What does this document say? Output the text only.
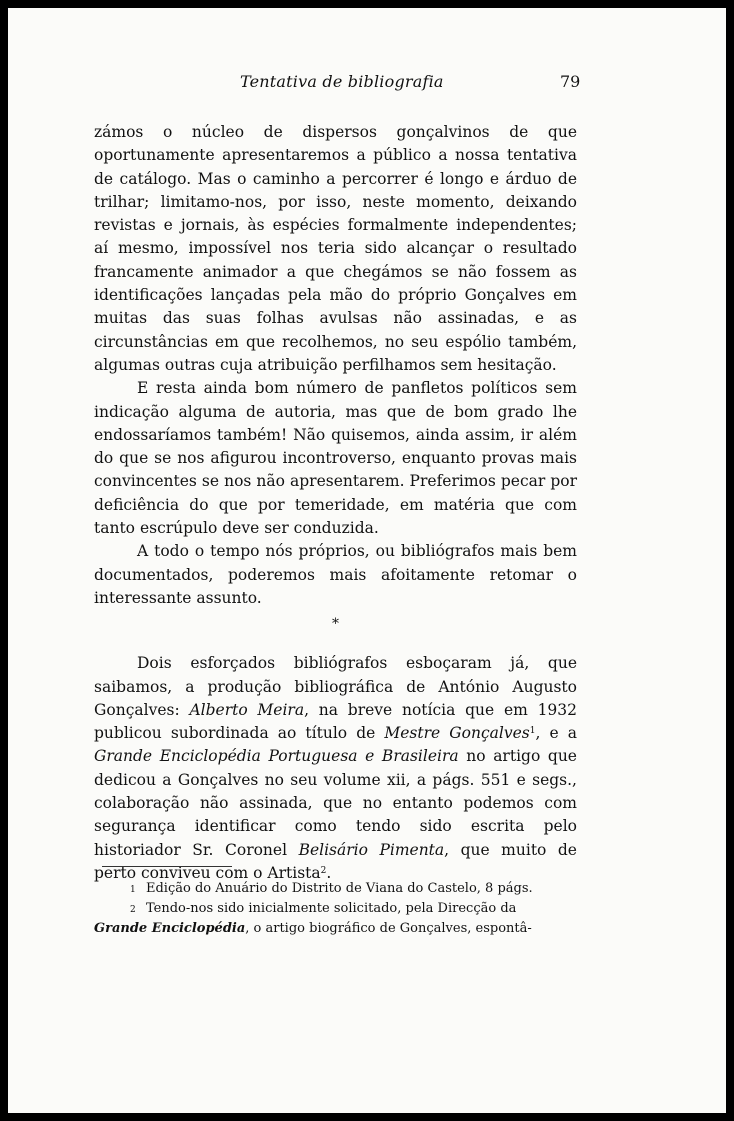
Tentativa de bibliografia	79

zámos o núcleo de dispersos gonçalvinos de que oportunamente apresentaremos a público a nossa tentativa de catálogo. Mas o caminho a percorrer é longo e árduo de trilhar; limitamo-nos, por isso, neste momento, deixando revistas e jornais, às espécies formalmente independentes; aí mesmo, impossível nos teria sido alcançar o resultado francamente animador a que chegámos se não fossem as identificações lançadas pela mão do próprio Gonçalves em muitas das suas folhas avulsas não assinadas, e as circunstâncias em que recolhemos, no seu espólio também, algumas outras cuja atribuição perfilhamos sem hesitação.

E resta ainda bom número de panfletos políticos sem indicação alguma de autoria, mas que de bom grado lhe endossaríamos também! Não quisemos, ainda assim, ir além do que se nos afigurou incontroverso, enquanto provas mais convincentes se nos não apresentarem. Preferimos pecar por deficiência do que por temeridade, em matéria que com tanto escrúpulo deve ser conduzida.

A todo o tempo nós próprios, ou bibliógrafos mais bem documentados, poderemos mais afoitamente retomar o interessante assunto.

*

Dois esforçados bibliógrafos esboçaram já, que saibamos, a produção bibliográfica de António Augusto Gonçalves: Alberto Meira, na breve notícia que em 1932 publicou subordinada ao título de Mestre Gonçalves$^1$, e a Grande Enciclopédia Portuguesa e Brasileira no artigo que dedicou a Gonçalves no seu volume xii, a págs. 551 e segs., colaboração não assinada, que no entanto podemos com segurança identificar como tendo sido escrita pelo historiador Sr. Coronel Belisário Pimenta, que muito de perto conviveu com o Artista$^2$.

1 Edição do Anuário do Distrito de Viana do Castelo, 8 págs.

2 Tendo-nos sido inicialmente solicitado, pela Direcção da

Grande Enciclopédia, o artigo biográfico de Gonçalves, espontâ-
